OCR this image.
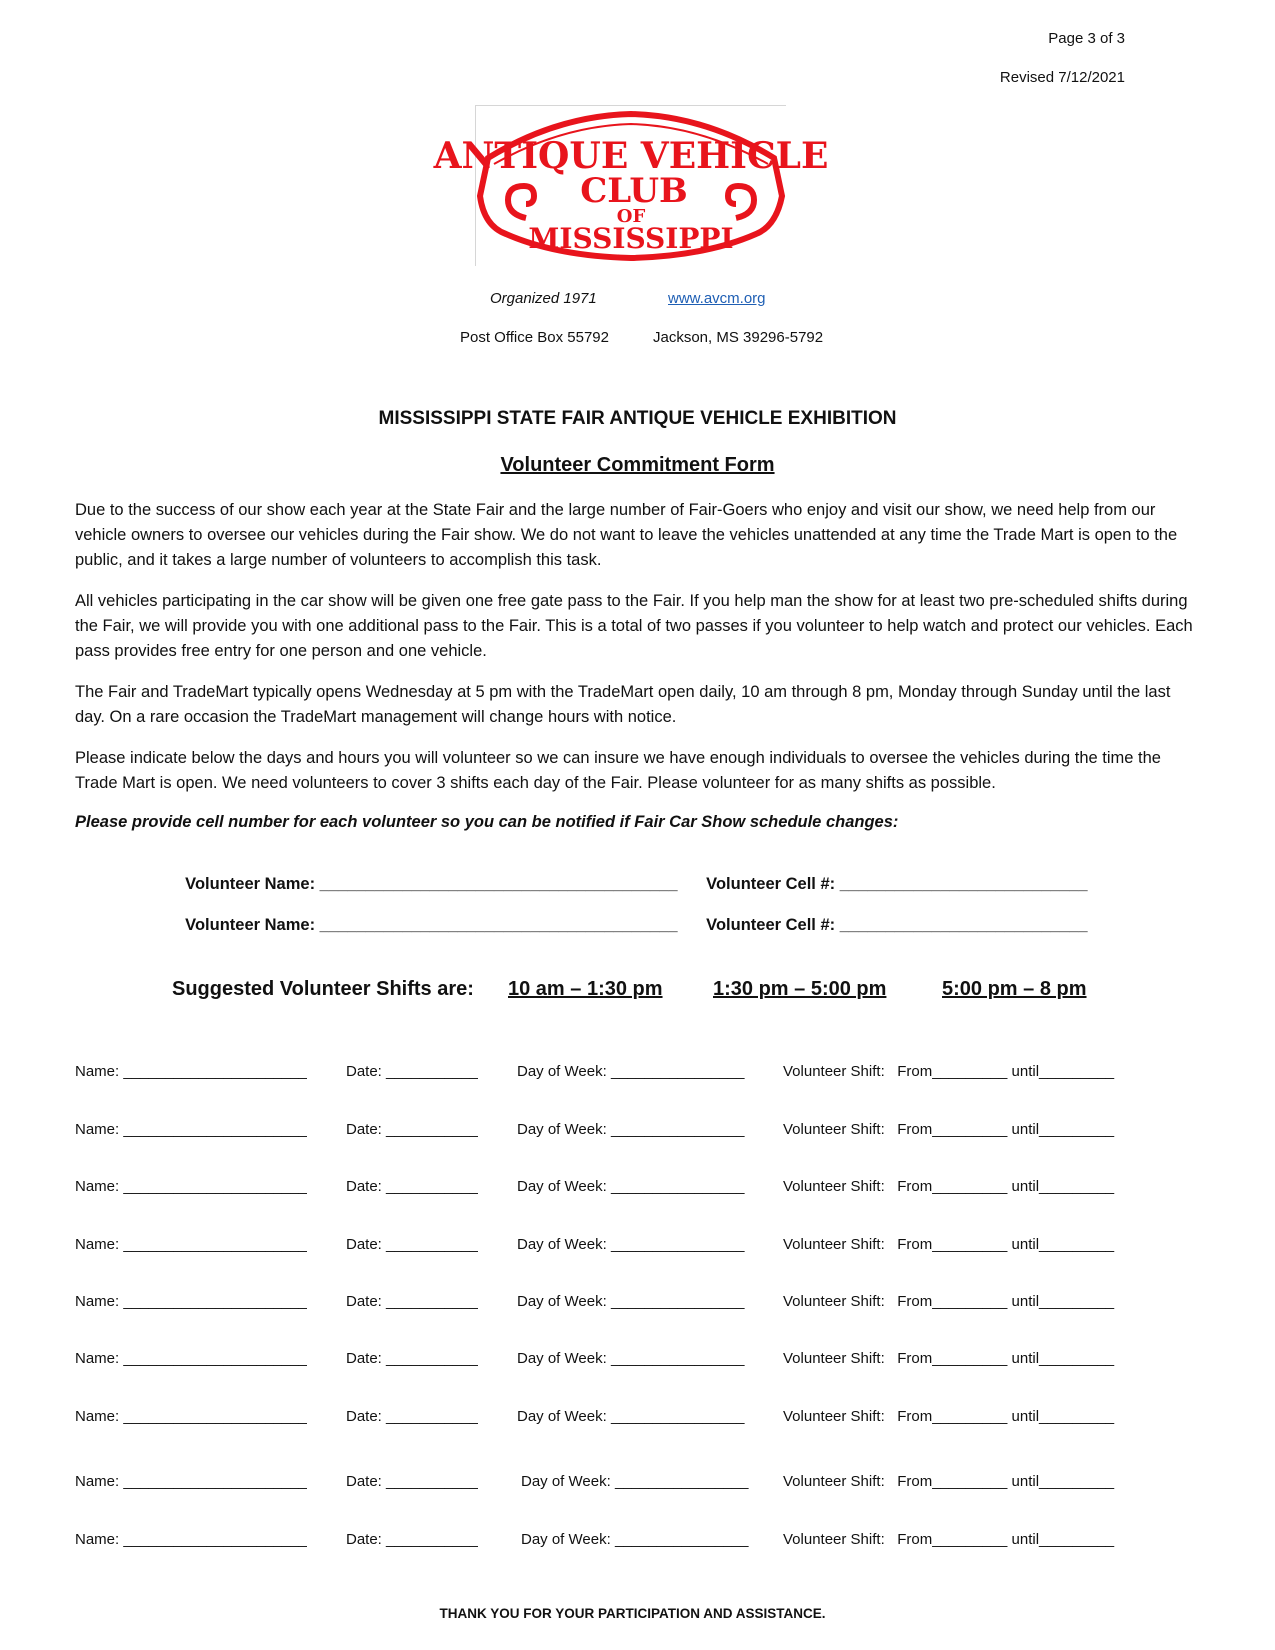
Page 3 of 3
Revised 7/12/2021
ANTIQUE VEHICLE
CLUB
OF
MISSISSIPPI
Organized 1971	www.avcm.org
Post Office Box 55792	Jackson, MS 39296-5792
MISSISSIPPI STATE FAIR ANTIQUE VEHICLE EXHIBITION
Volunteer Commitment Form
Due to the success of our show each year at the State Fair and the large number of Fair-Goers who enjoy and visit our show, we need help from our vehicle owners to oversee our vehicles during the Fair show. We do not want to leave the vehicles unattended at any time the Trade Mart is open to the public, and it takes a large number of volunteers to accomplish this task.
All vehicles participating in the car show will be given one free gate pass to the Fair. If you help man the show for at least two pre-scheduled shifts during the Fair, we will provide you with one additional pass to the Fair. This is a total of two passes if you volunteer to help watch and protect our vehicles. Each pass provides free entry for one person and one vehicle.
The Fair and TradeMart typically opens Wednesday at 5 pm with the TradeMart open daily, 10 am through 8 pm, Monday through Sunday until the last day. On a rare occasion the TradeMart management will change hours with notice.
Please indicate below the days and hours you will volunteer so we can insure we have enough individuals to oversee the vehicles during the time the Trade Mart is open. We need volunteers to cover 3 shifts each day of the Fair. Please volunteer for as many shifts as possible.
Please provide cell number for each volunteer so you can be notified if Fair Car Show schedule changes:

Volunteer Name: _______________________________________	Volunteer Cell #: ___________________________

Volunteer Name: _______________________________________	Volunteer Cell #: ___________________________

Suggested Volunteer Shifts are: 10 am – 1:30 pm	1:30 pm – 5:00 pm	5:00 pm – 8 pm
Name: ______________________	Date: ___________	Day of Week: ________________	Volunteer Shift: From_________ until_________
Name: ______________________	Date: ___________	Day of Week: ________________	Volunteer Shift: From_________ until_________
Name: ______________________	Date: ___________	Day of Week: ________________	Volunteer Shift: From_________ until_________
Name: ______________________	Date: ___________	Day of Week: ________________	Volunteer Shift: From_________ until_________
Name: ______________________	Date: ___________	Day of Week: ________________	Volunteer Shift: From_________ until_________
Name: ______________________	Date: ___________	Day of Week: ________________	Volunteer Shift: From_________ until_________
Name: ______________________	Date: ___________	Day of Week: ________________	Volunteer Shift: From_________ until_________
Name: ______________________	Date: ___________	Day of Week: ________________ Volunteer Shift: From_________ until_________
Name: ______________________	Date: ___________	Day of Week: ________________ Volunteer Shift: From_________ until_________
THANK YOU FOR YOUR PARTICIPATION AND ASSISTANCE.
